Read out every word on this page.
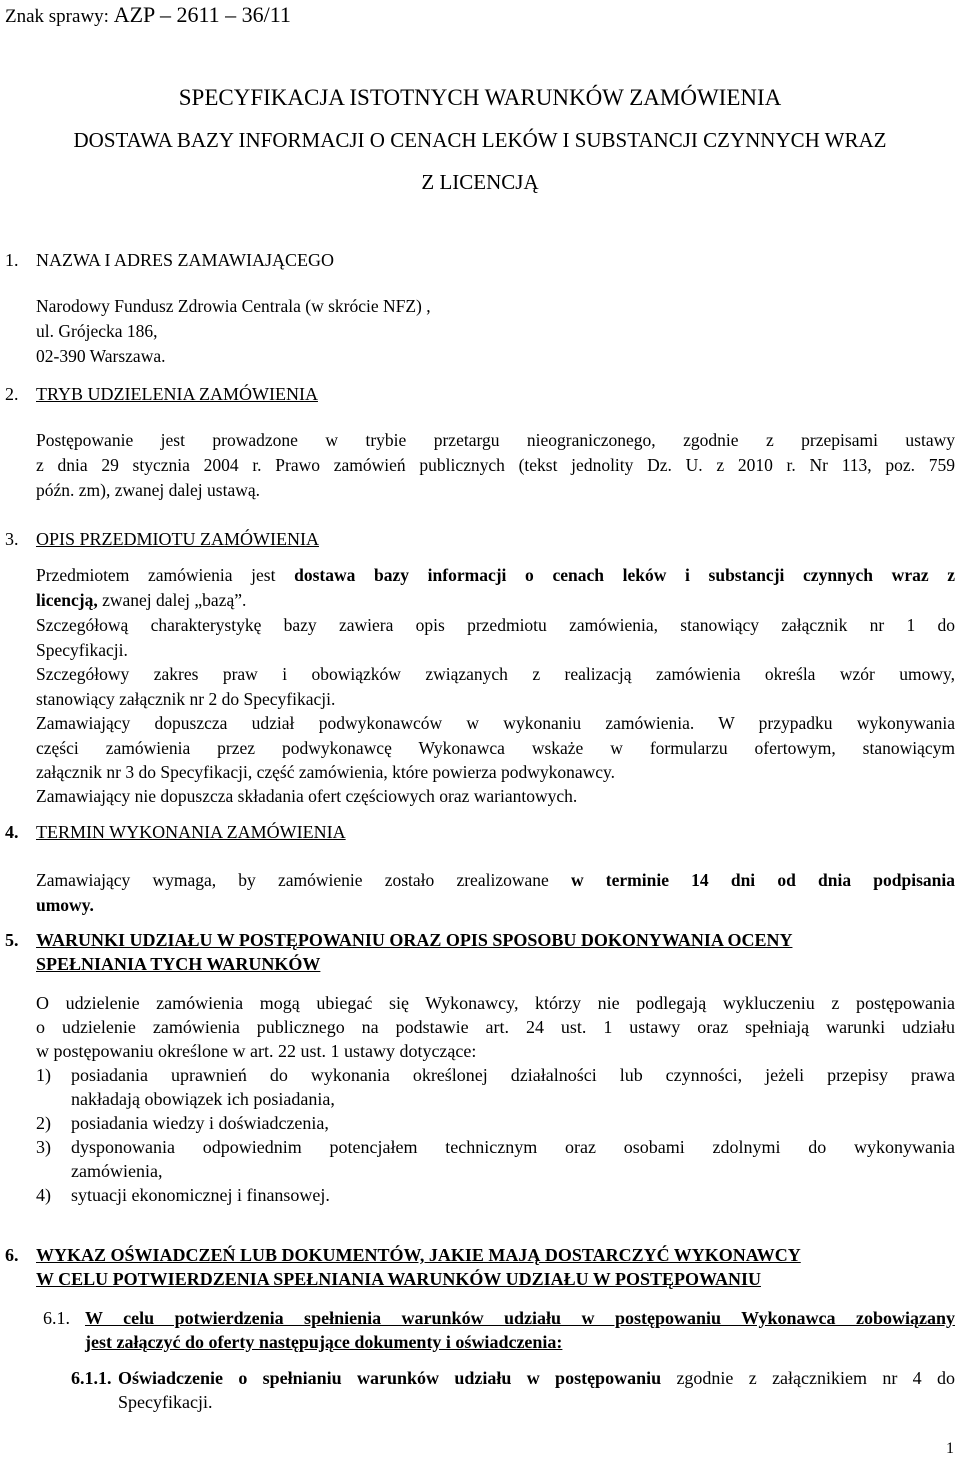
Znak sprawy: AZP – 2611 – 36/11
SPECYFIKACJA ISTOTNYCH WARUNKÓW ZAMÓWIENIA
DOSTAWA BAZY INFORMACJI O CENACH LEKÓW I SUBSTANCJI CZYNNYCH WRAZ
Z LICENCJĄ
1. NAZWA I ADRES ZAMAWIAJĄCEGO
Narodowy Fundusz Zdrowia Centrala (w skrócie NFZ) ,
ul. Grójecka 186,
02-390 Warszawa.
2. TRYB UDZIELENIA ZAMÓWIENIA
Postępowanie jest prowadzone w trybie przetargu nieograniczonego, zgodnie z przepisami ustawy
z dnia 29 stycznia 2004 r. Prawo zamówień publicznych (tekst jednolity Dz. U. z 2010 r. Nr 113, poz. 759
późn. zm), zwanej dalej ustawą.
3. OPIS PRZEDMIOTU ZAMÓWIENIA
Przedmiotem zamówienia jest dostawa bazy informacji o cenach leków i substancji czynnych wraz z
licencją, zwanej dalej „bazą”.
Szczegółową charakterystykę bazy zawiera opis przedmiotu zamówienia, stanowiący załącznik nr 1 do
Specyfikacji.
Szczegółowy zakres praw i obowiązków związanych z realizacją zamówienia określa wzór umowy,
stanowiący załącznik nr 2 do Specyfikacji.
Zamawiający dopuszcza udział podwykonawców w wykonaniu zamówienia. W przypadku wykonywania
części zamówienia przez podwykonawcę Wykonawca wskaże w formularzu ofertowym, stanowiącym
załącznik nr 3 do Specyfikacji, część zamówienia, które powierza podwykonawcy.
Zamawiający nie dopuszcza składania ofert częściowych oraz wariantowych.
4. TERMIN WYKONANIA ZAMÓWIENIA
Zamawiający wymaga, by zamówienie zostało zrealizowane w terminie 14 dni od dnia podpisania
umowy.
5. WARUNKI UDZIAŁU W POSTĘPOWANIU ORAZ OPIS SPOSOBU DOKONYWANIA OCENY
SPEŁNIANIA TYCH WARUNKÓW
O udzielenie zamówienia mogą ubiegać się Wykonawcy, którzy nie podlegają wykluczeniu z postępowania
o udzielenie zamówienia publicznego na podstawie art. 24 ust. 1 ustawy oraz spełniają warunki udziału
w postępowaniu określone w art. 22 ust. 1 ustawy dotyczące:
1) posiadania uprawnień do wykonania określonej działalności lub czynności, jeżeli przepisy prawa
nakładają obowiązek ich posiadania,
2) posiadania wiedzy i doświadczenia,
3) dysponowania odpowiednim potencjałem technicznym oraz osobami zdolnymi do wykonywania
zamówienia,
4) sytuacji ekonomicznej i finansowej.
6. WYKAZ OŚWIADCZEŃ LUB DOKUMENTÓW, JAKIE MAJĄ DOSTARCZYĆ WYKONAWCY
W CELU POTWIERDZENIA SPEŁNIANIA WARUNKÓW UDZIAŁU W POSTĘPOWANIU
6.1. W celu potwierdzenia spełnienia warunków udziału w postępowaniu Wykonawca zobowiązany
jest załączyć do oferty następujące dokumenty i oświadczenia:
6.1.1. Oświadczenie o spełnianiu warunków udziału w postępowaniu zgodnie z załącznikiem nr 4 do
Specyfikacji.
1
